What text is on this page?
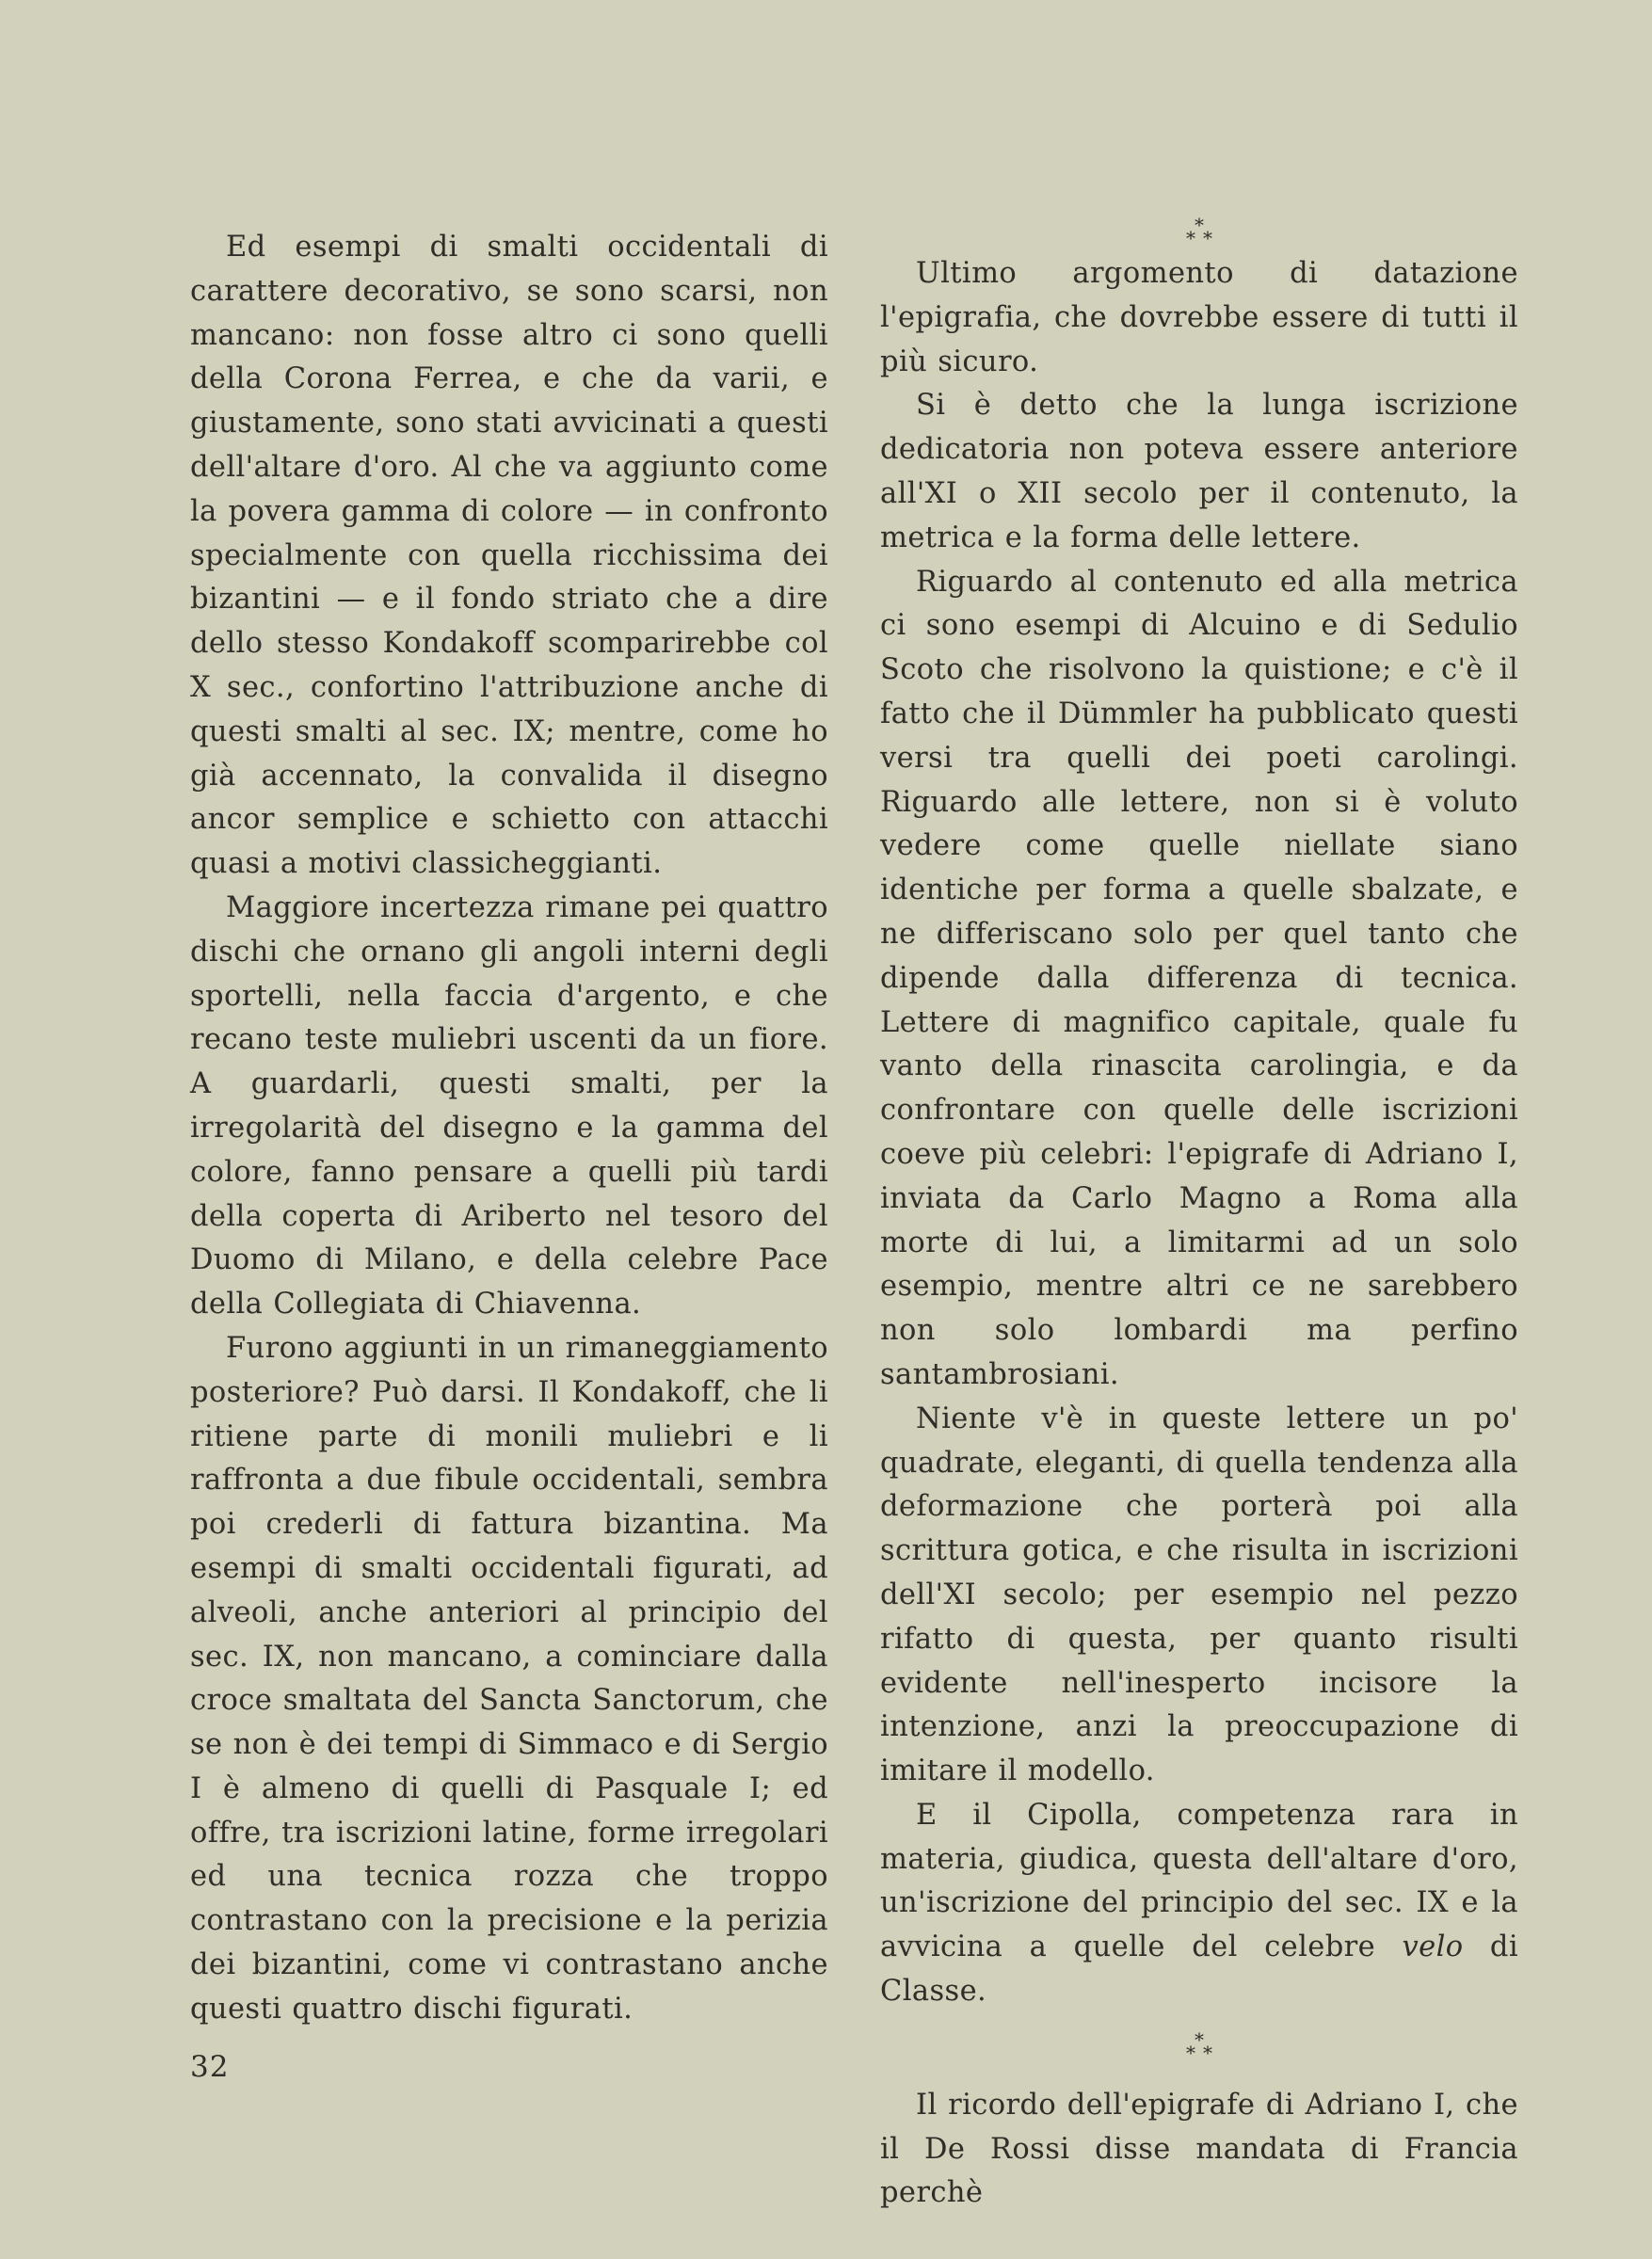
Ed esempi di smalti occidentali di carattere decorativo, se sono scarsi, non mancano: non fosse altro ci sono quelli della Corona Ferrea, e che da varii, e giustamente, sono stati avvicinati a questi dell'altare d'oro. Al che va aggiunto come la povera gamma di colore — in confronto specialmente con quella ricchissima dei bizantini — e il fondo striato che a dire dello stesso Kondakoff scomparirebbe col X sec., confortino l'attribuzione anche di questi smalti al sec. IX; mentre, come ho già accennato, la convalida il disegno ancor semplice e schietto con attacchi quasi a motivi classicheggianti.

Maggiore incertezza rimane pei quattro dischi che ornano gli angoli interni degli sportelli, nella faccia d'argento, e che recano teste muliebri uscenti da un fiore. A guardarli, questi smalti, per la irregolarità del disegno e la gamma del colore, fanno pensare a quelli più tardi della coperta di Ariberto nel tesoro del Duomo di Milano, e della celebre Pace della Collegiata di Chiavenna.

Furono aggiunti in un rimaneggiamento posteriore? Può darsi. Il Kondakoff, che li ritiene parte di monili muliebri e li raffronta a due fibule occidentali, sembra poi crederli di fattura bizantina. Ma esempi di smalti occidentali figurati, ad alveoli, anche anteriori al principio del sec. IX, non mancano, a cominciare dalla croce smaltata del Sancta Sanctorum, che se non è dei tempi di Simmaco e di Sergio I è almeno di quelli di Pasquale I; ed offre, tra iscrizioni latine, forme irregolari ed una tecnica rozza che troppo contrastano con la precisione e la perizia dei bizantini, come vi contrastano anche questi quattro dischi figurati.

*
**

Ultimo argomento di datazione l'epigrafia, che dovrebbe essere di tutti il più sicuro.

Si è detto che la lunga iscrizione dedicatoria non poteva essere anteriore all'XI o XII secolo per il contenuto, la metrica e la forma delle lettere.

Riguardo al contenuto ed alla metrica ci sono esempi di Alcuino e di Sedulio Scoto che risolvono la quistione; e c'è il fatto che il Dümmler ha pubblicato questi versi tra quelli dei poeti carolingi. Riguardo alle lettere, non si è voluto vedere come quelle niellate siano identiche per forma a quelle sbalzate, e ne differiscano solo per quel tanto che dipende dalla differenza di tecnica. Lettere di magnifico capitale, quale fu vanto della rinascita carolingia, e da confrontare con quelle delle iscrizioni coeve più celebri: l'epigrafe di Adriano I, inviata da Carlo Magno a Roma alla morte di lui, a limitarmi ad un solo esempio, mentre altri ce ne sarebbero non solo lombardi ma perfino santambrosiani.

Niente v'è in queste lettere un po' quadrate, eleganti, di quella tendenza alla deformazione che porterà poi alla scrittura gotica, e che risulta in iscrizioni dell'XI secolo; per esempio nel pezzo rifatto di questa, per quanto risulti evidente nell'inesperto incisore la intenzione, anzi la preoccupazione di imitare il modello.

E il Cipolla, competenza rara in materia, giudica, questa dell'altare d'oro, un'iscrizione del principio del sec. IX e la avvicina a quelle del celebre velo di Classe.

*
**

Il ricordo dell'epigrafe di Adriano I, che il De Rossi disse mandata di Francia perchè

32
